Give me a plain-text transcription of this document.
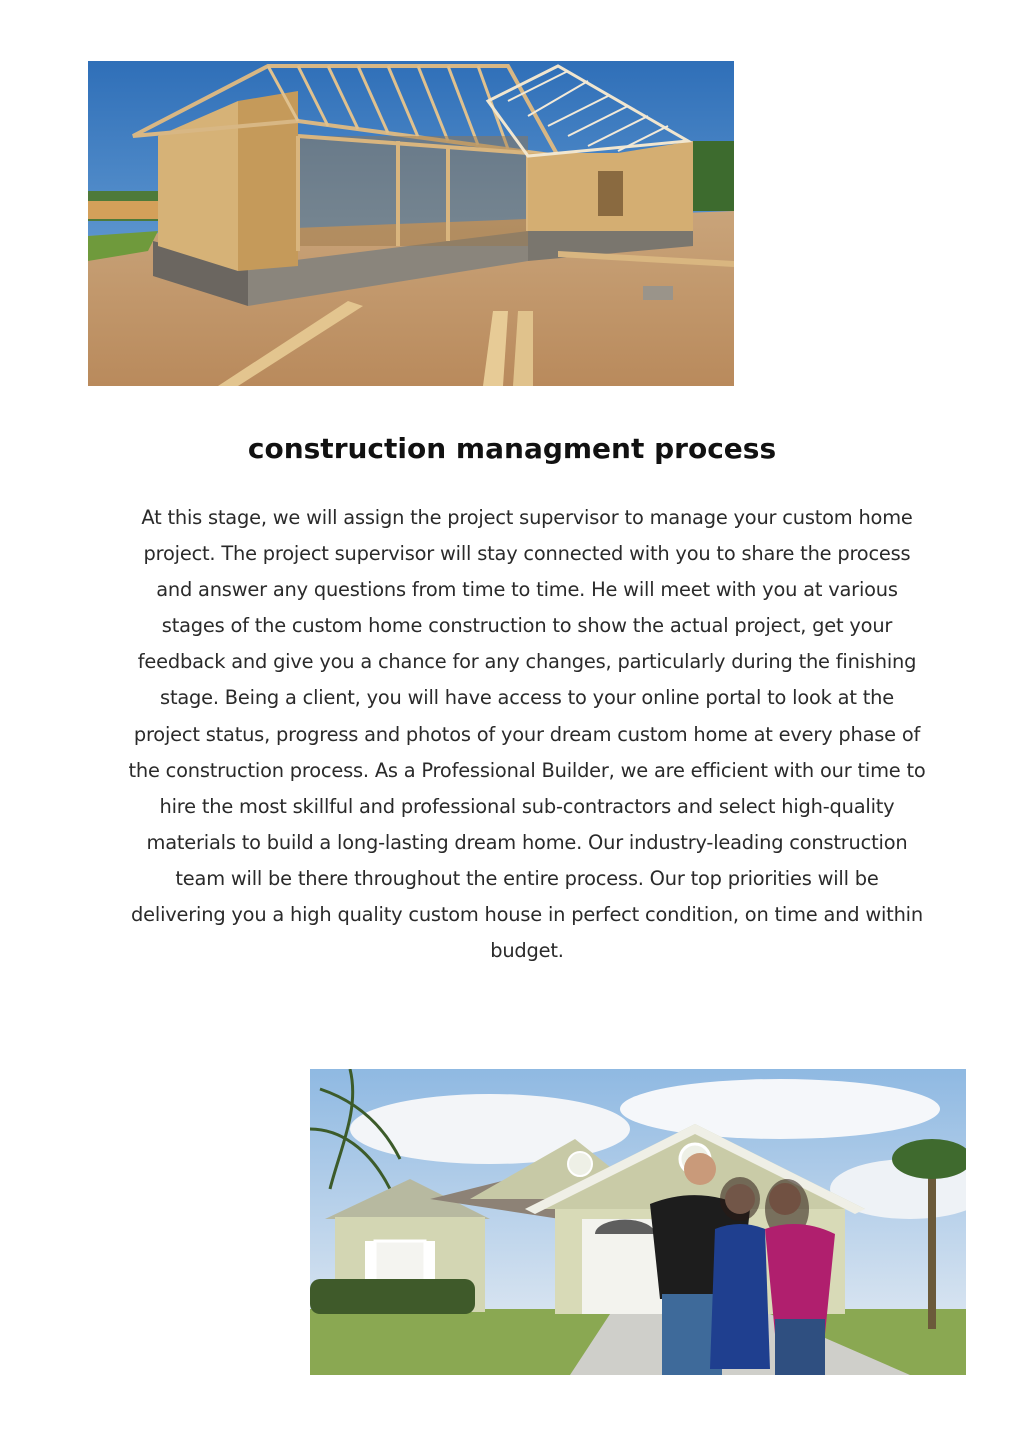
construction managment process

At this stage, we will assign the project supervisor to manage your custom home project. The project supervisor will stay connected with you to share the process and answer any questions from time to time. He will meet with you at various stages of the custom home construction to show the actual project, get your feedback and give you a chance for any changes, particularly during the finishing stage. Being a client, you will have access to your online portal to look at the project status, progress and photos of your dream custom home at every phase of the construction process. As a Professional Builder, we are efficient with our time to hire the most skillful and professional sub-contractors and select high-quality materials to build a long-lasting dream home. Our industry-leading construction team will be there throughout the entire process. Our top priorities will be delivering you a high quality custom house in perfect condition, on time and within budget.
